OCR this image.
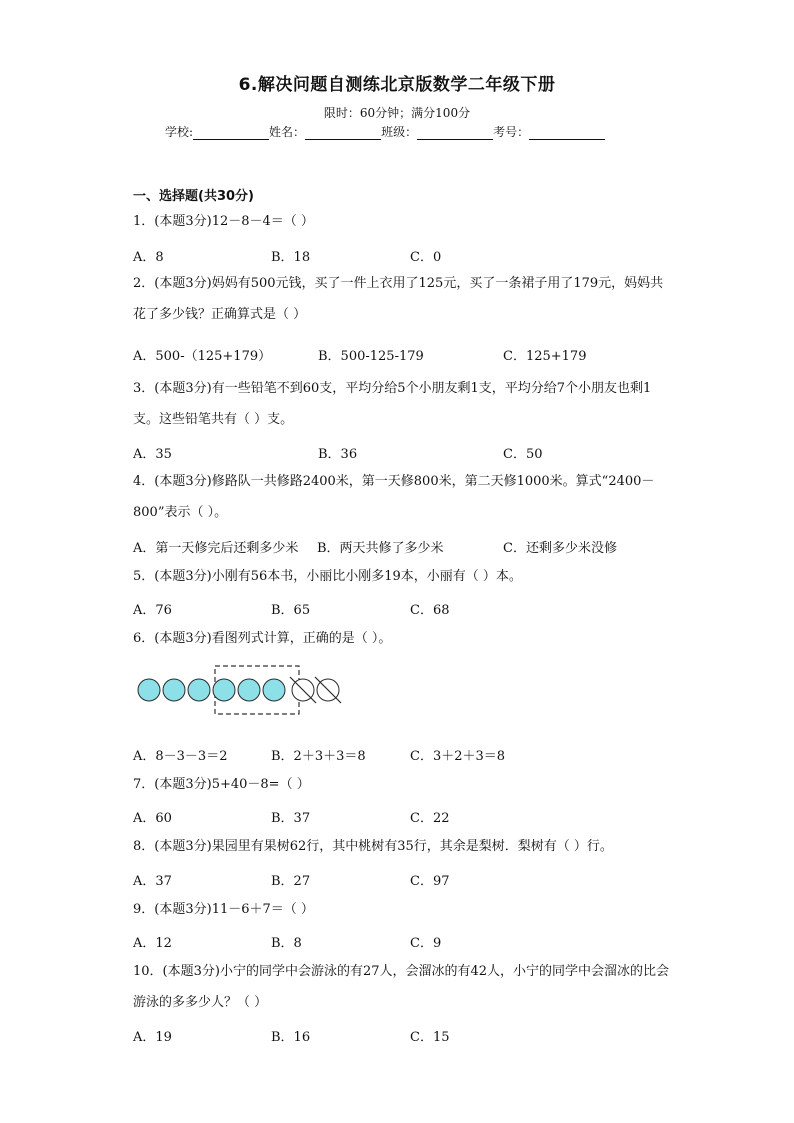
6.解决问题自测练北京版数学二年级下册
限时：60分钟；满分100分
学校:	姓名：	班级：	考号：
一、选择题(共30分)
1．(本题3分)12－8－4＝（ ）
A．8	B．18	C．0
2．(本题3分)妈妈有500元钱，买了一件上衣用了125元，买了一条裙子用了179元，妈妈共花了多少钱？正确算式是（ ）
A．500-（125+179）	B．500-125-179	C．125+179
3．(本题3分)有一些铅笔不到60支，平均分给5个小朋友剩1支，平均分给7个小朋友也剩1支。这些铅笔共有（ ）支。
A．35	B．36	C．50
4．(本题3分)修路队一共修路2400米，第一天修800米，第二天修1000米。算式“2400－800”表示（ ）。
A．第一天修完后还剩多少米 B．两天共修了多少米	C．还剩多少米没修
5．(本题3分)小刚有56本书，小丽比小刚多19本，小丽有（ ）本。
A．76	B．65	C．68
6．(本题3分)看图列式计算，正确的是（ ）。
A．8－3－3＝2	B．2＋3＋3＝8	C．3＋2＋3＝8
7．(本题3分)5+40－8=（ ）
A．60	B．37	C．22
8．(本题3分)果园里有果树62行，其中桃树有35行，其余是梨树．梨树有（ ）行。
A．37	B．27	C．97
9．(本题3分)11－6＋7＝（ ）
A．12	B．8	C．9
10．(本题3分)小宁的同学中会游泳的有27人，会溜冰的有42人，小宁的同学中会溜冰的比会游泳的多多少人？（ ）
A．19	B．16	C．15
